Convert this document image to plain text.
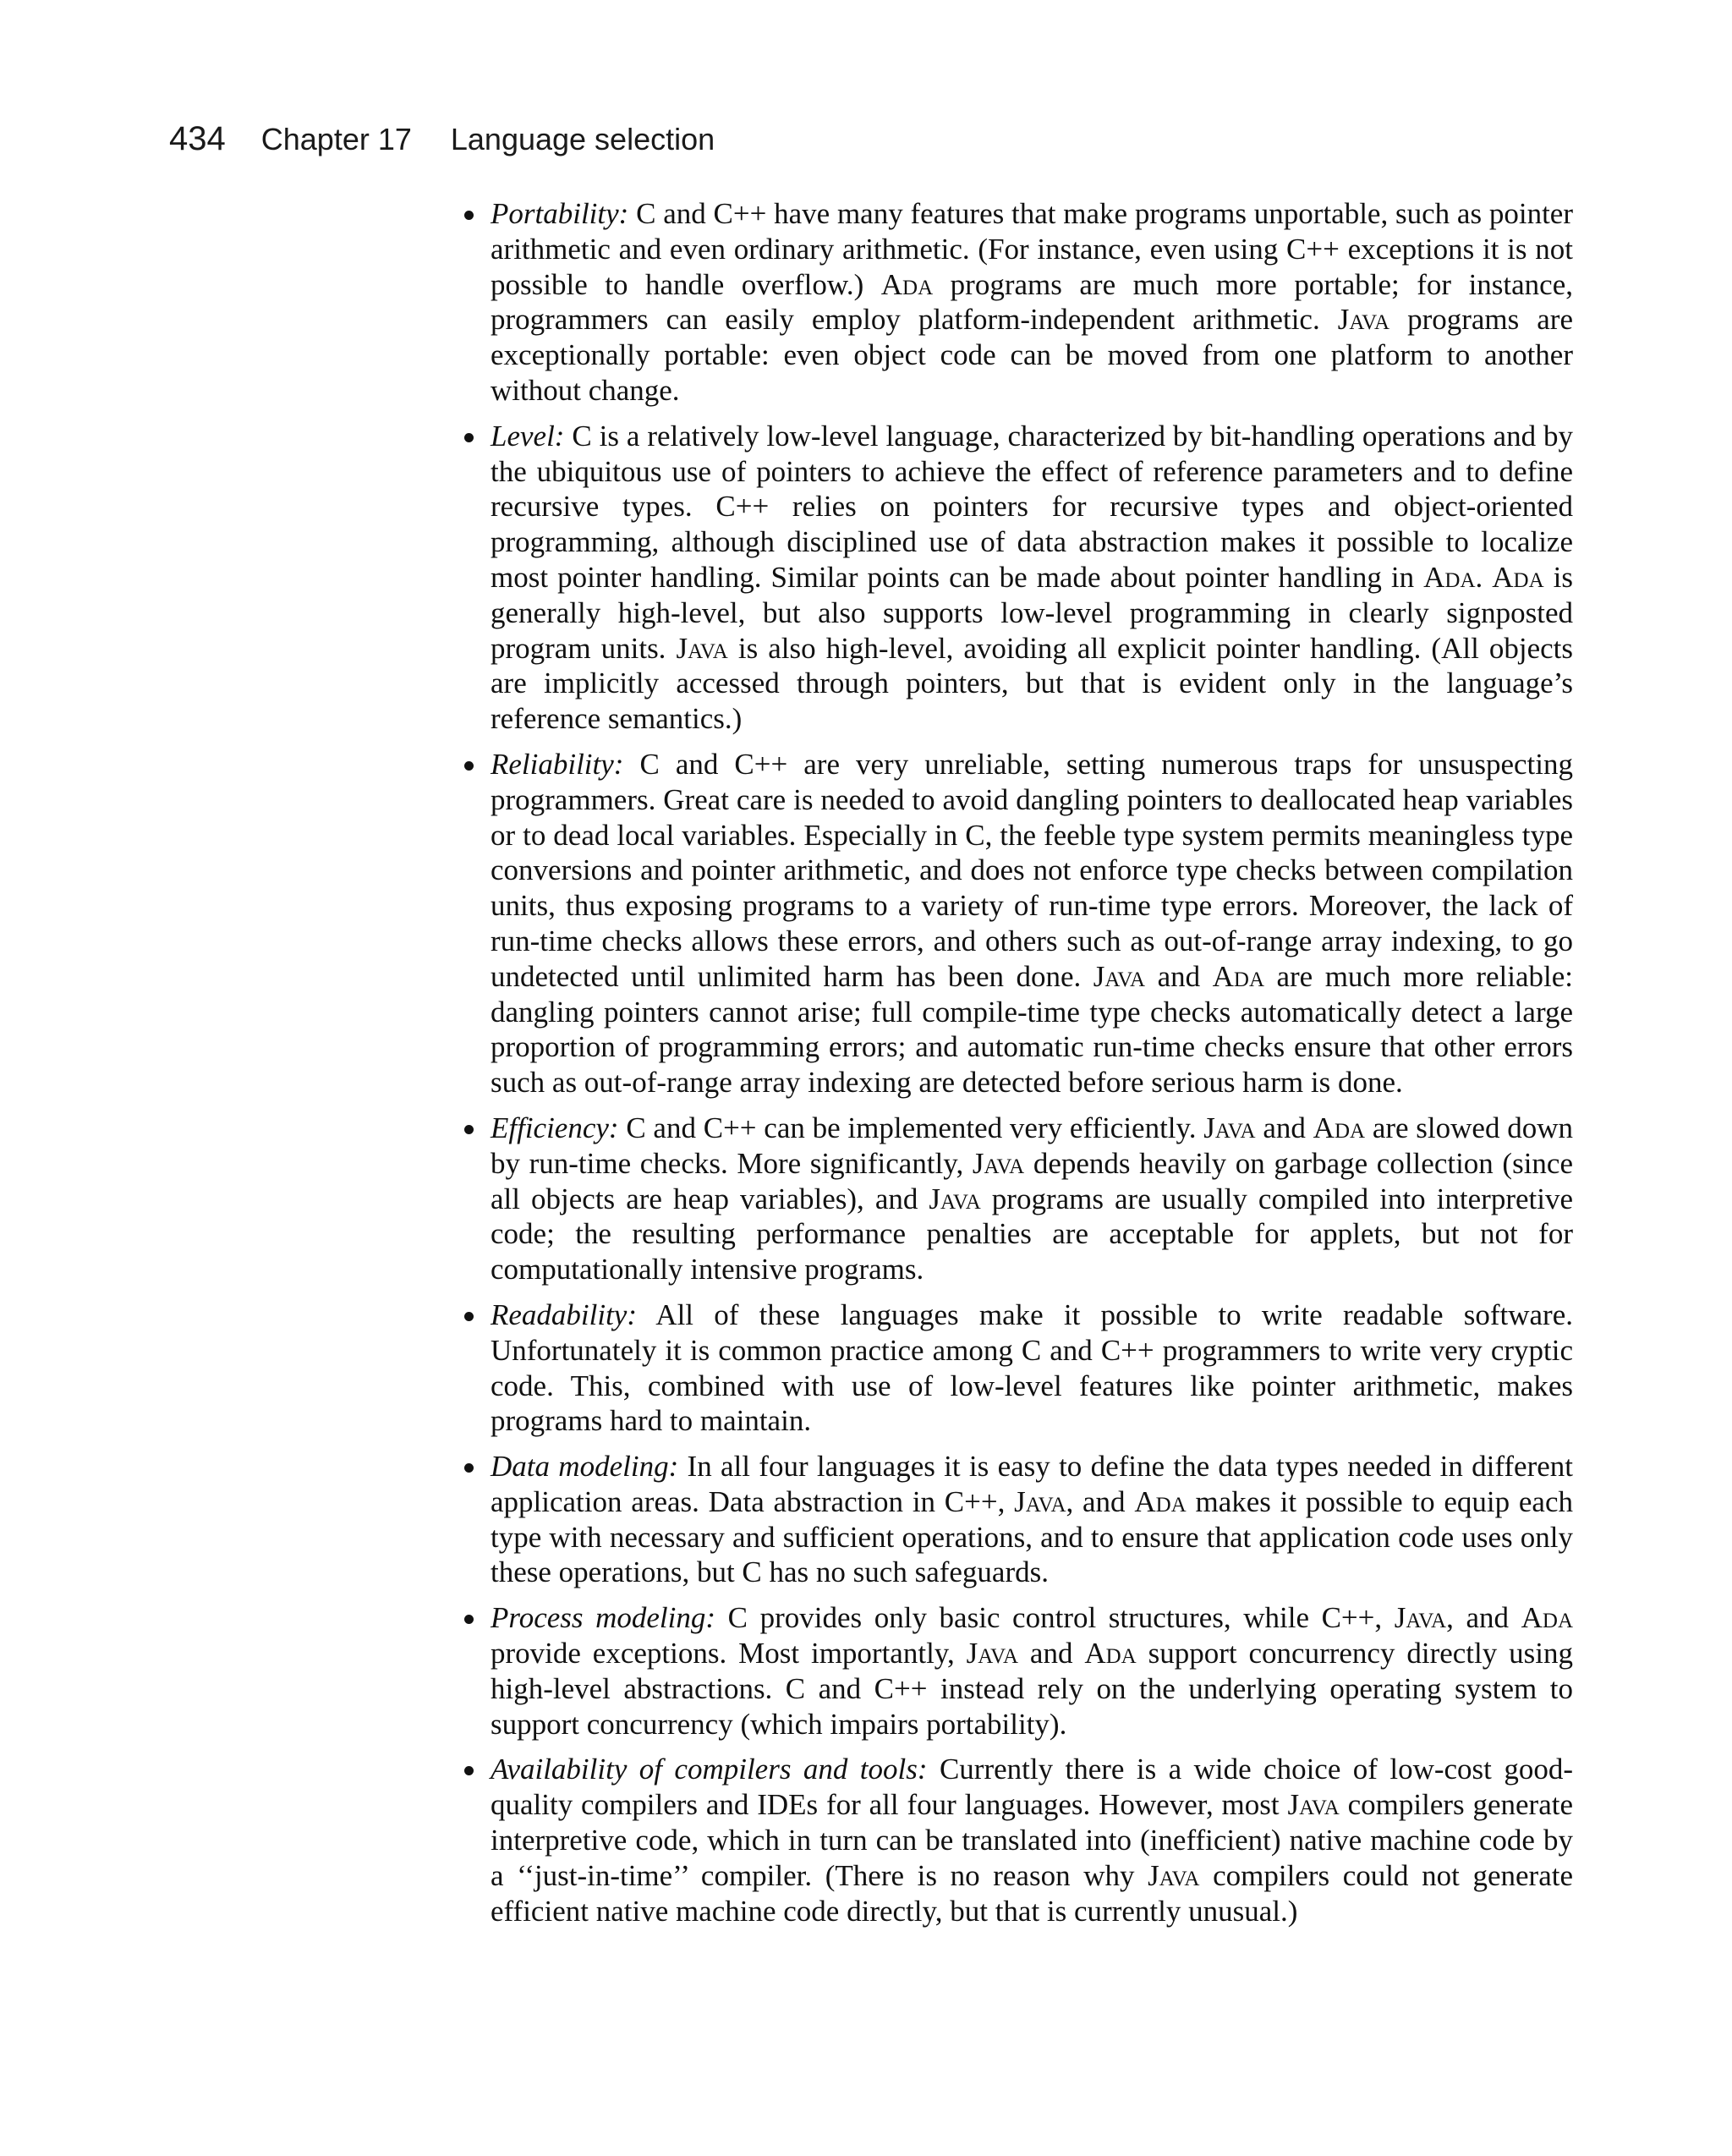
434 Chapter 17 Language selection
Portability: C and C++ have many features that make programs unportable, such as pointer arithmetic and even ordinary arithmetic. (For instance, even using C++ exceptions it is not possible to handle overflow.) Ada programs are much more portable; for instance, programmers can easily employ platform-independent arithmetic. Java programs are exceptionally portable: even object code can be moved from one platform to another without change.
Level: C is a relatively low-level language, characterized by bit-handling operations and by the ubiquitous use of pointers to achieve the effect of reference parameters and to define recursive types. C++ relies on pointers for recursive types and object-oriented programming, although disciplined use of data abstraction makes it possible to localize most pointer handling. Similar points can be made about pointer handling in Ada. Ada is generally high-level, but also supports low-level programming in clearly signposted program units. Java is also high-level, avoiding all explicit pointer handling. (All objects are implicitly accessed through pointers, but that is evident only in the language’s reference semantics.)
Reliability: C and C++ are very unreliable, setting numerous traps for unsuspecting programmers. Great care is needed to avoid dangling pointers to deallocated heap variables or to dead local variables. Especially in C, the feeble type system permits meaningless type conversions and pointer arithmetic, and does not enforce type checks between compilation units, thus exposing programs to a variety of run-time type errors. Moreover, the lack of run-time checks allows these errors, and others such as out-of-range array indexing, to go undetected until unlimited harm has been done. Java and Ada are much more reliable: dangling pointers cannot arise; full compile-time type checks automatically detect a large proportion of programming errors; and automatic run-time checks ensure that other errors such as out-of-range array indexing are detected before serious harm is done.
Efficiency: C and C++ can be implemented very efficiently. Java and Ada are slowed down by run-time checks. More significantly, Java depends heavily on garbage collection (since all objects are heap variables), and Java programs are usually compiled into interpretive code; the resulting performance penalties are acceptable for applets, but not for computationally intensive programs.
Readability: All of these languages make it possible to write readable software. Unfortunately it is common practice among C and C++ programmers to write very cryptic code. This, combined with use of low-level features like pointer arithmetic, makes programs hard to maintain.
Data modeling: In all four languages it is easy to define the data types needed in different application areas. Data abstraction in C++, Java, and Ada makes it possible to equip each type with necessary and sufficient operations, and to ensure that application code uses only these operations, but C has no such safeguards.
Process modeling: C provides only basic control structures, while C++, Java, and Ada provide exceptions. Most importantly, Java and Ada support concurrency directly using high-level abstractions. C and C++ instead rely on the underlying operating system to support concurrency (which impairs portability).
Availability of compilers and tools: Currently there is a wide choice of low-cost good-quality compilers and IDEs for all four languages. However, most Java compilers generate interpretive code, which in turn can be translated into (inefficient) native machine code by a ‘‘just-in-time’’ compiler. (There is no reason why Java compilers could not generate efficient native machine code directly, but that is currently unusual.)
